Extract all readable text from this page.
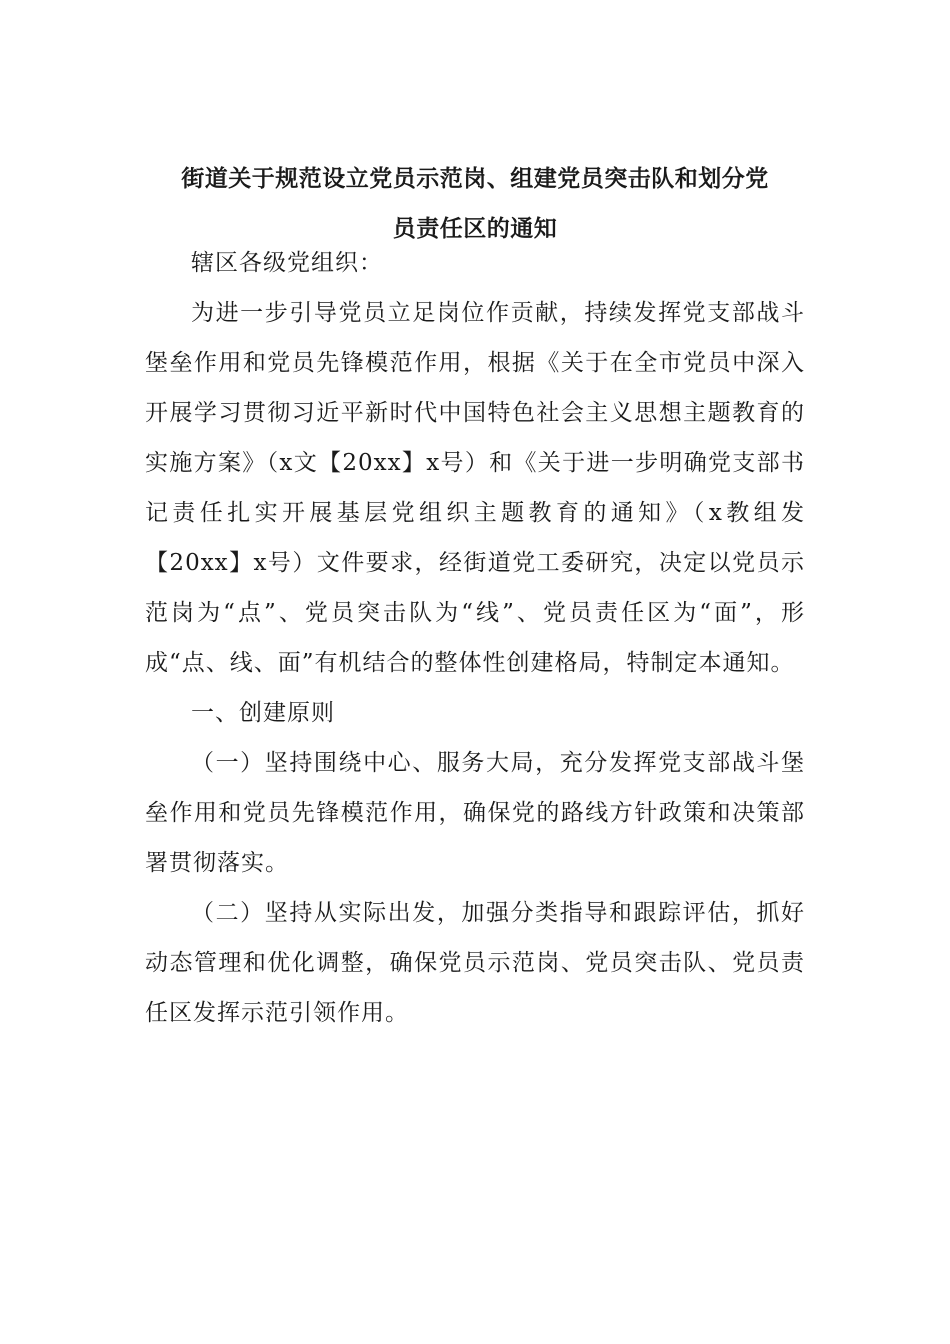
街道关于规范设立党员示范岗、组建党员突击队和划分党
员责任区的通知

辖区各级党组织：

为进一步引导党员立足岗位作贡献，持续发挥党支部战斗堡垒作用和党员先锋模范作用，根据《关于在全市党员中深入开展学习贯彻习近平新时代中国特色社会主义思想主题教育的实施方案》（x文【20xx】x号）和《关于进一步明确党支部书记责任扎实开展基层党组织主题教育的通知》（x教组发【20xx】x号）文件要求，经街道党工委研究，决定以党员示范岗为“点”、党员突击队为“线”、党员责任区为“面”，形成“点、线、面”有机结合的整体性创建格局，特制定本通知。

一、创建原则

（一）坚持围绕中心、服务大局，充分发挥党支部战斗堡垒作用和党员先锋模范作用，确保党的路线方针政策和决策部署贯彻落实。

（二）坚持从实际出发，加强分类指导和跟踪评估，抓好动态管理和优化调整，确保党员示范岗、党员突击队、党员责任区发挥示范引领作用。
